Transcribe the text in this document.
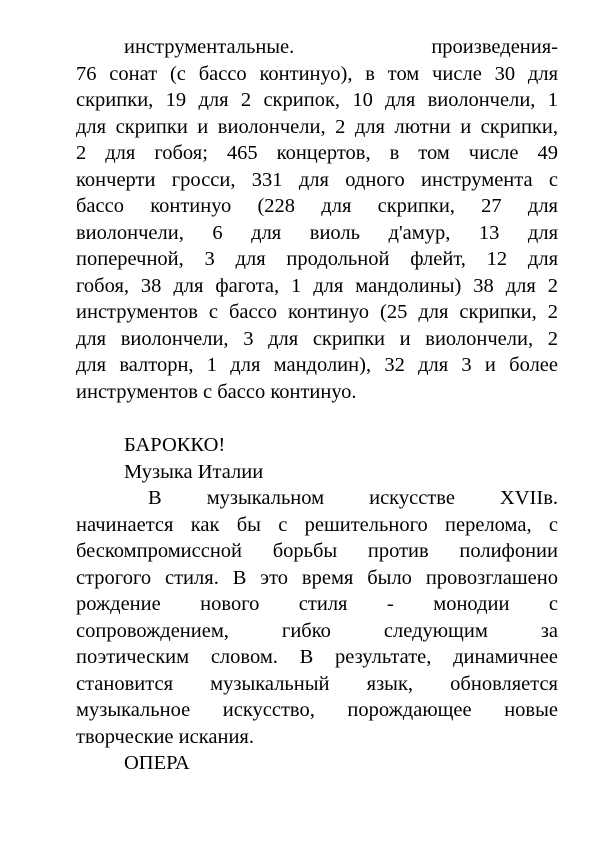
инструментальные. произведения-
76 сонат (с бассо континуо), в том числе 30 для
скрипки, 19 для 2 скрипок, 10 для виолончели, 1
для скрипки и виолончели, 2 для лютни и скрипки,
2 для гобоя; 465 концертов, в том числе 49
кончерти гросси, 331 для одного инструмента с
бассо континуо (228 для скрипки, 27 для
виолончели, 6 для виоль д'амур, 13 для
поперечной, 3 для продольной флейт, 12 для
гобоя, 38 для фагота, 1 для мандолины) 38 для 2
инструментов с бассо континуо (25 для скрипки, 2
для виолончели, 3 для скрипки и виолончели, 2
для валторн, 1 для мандолин), 32 для 3 и более
инструментов с бассо континуо.
БАРОККО!
Музыка Италии
В музыкальном искусстве XVIIв.
начинается как бы с решительного перелома, с
бескомпромиссной борьбы против полифонии
строгого стиля. В это время было провозглашено
рождение нового стиля - монодии с
сопровождением, гибко следующим за
поэтическим словом. В результате, динамичнее
становится музыкальный язык, обновляется
музыкальное искусство, порождающее новые
творческие искания.
ОПЕРА
